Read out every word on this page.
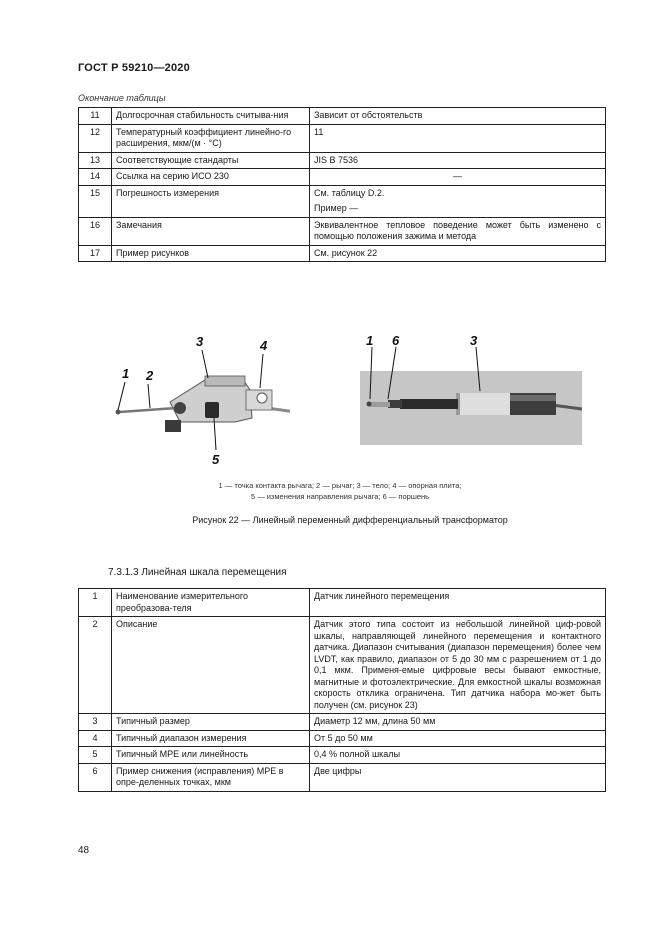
ГОСТ Р 59210—2020
Окончание таблицы
11	Долгосрочная стабильность считыва-ния	Зависит от обстоятельств
12	Температурный коэффициент линейно-го расширения, мкм/(м · °С)	11
13	Соответствующие стандарты	JIS B 7536
14	Ссылка на серию ИСО 230	—

15	Погрешность измерения	См. таблицу D.2.
Пример —

16	Замечания	Эквивалентное тепловое поведение может быть изменено с помощью положения зажима и метода
17	Пример рисунков	См. рисунок 22
3	4
1 2
5
1 6	3
1 — точка контакта рычага; 2 — рычаг; 3 — тело; 4 — опорная плита;
5 — изменения направления рычага; 6 — поршень
Рисунок 22 — Линейный переменный дифференциальный трансформатор
7.3.1.3 Линейная шкала перемещения
1	Наименование измерительного преобразова-теля	Датчик линейного перемещения
2	Описание	Датчик этого типа состоит из небольшой линейной циф-ровой шкалы, направляющей линейного перемещения и контактного датчика. Диапазон считывания (диапазон перемещения) более чем LVDT, как правило, диапазон от 5 до 30 мм с разрешением от 1 до 0,1 мкм. Применя-емые цифровые весы бывают емкостные, магнитные и фотоэлектрические. Для емкостной шкалы возможная скорость отклика ограничена. Тип датчика набора мо-жет быть получен (см. рисунок 23)
3	Типичный размер	Диаметр 12 мм, длина 50 мм
4	Типичный диапазон измерения	От 5 до 50 мм
5	Типичный МРЕ или линейность	0,4 % полной шкалы
6	Пример снижения (исправления) МРЕ в опре-деленных точках, мкм	Две цифры
48
